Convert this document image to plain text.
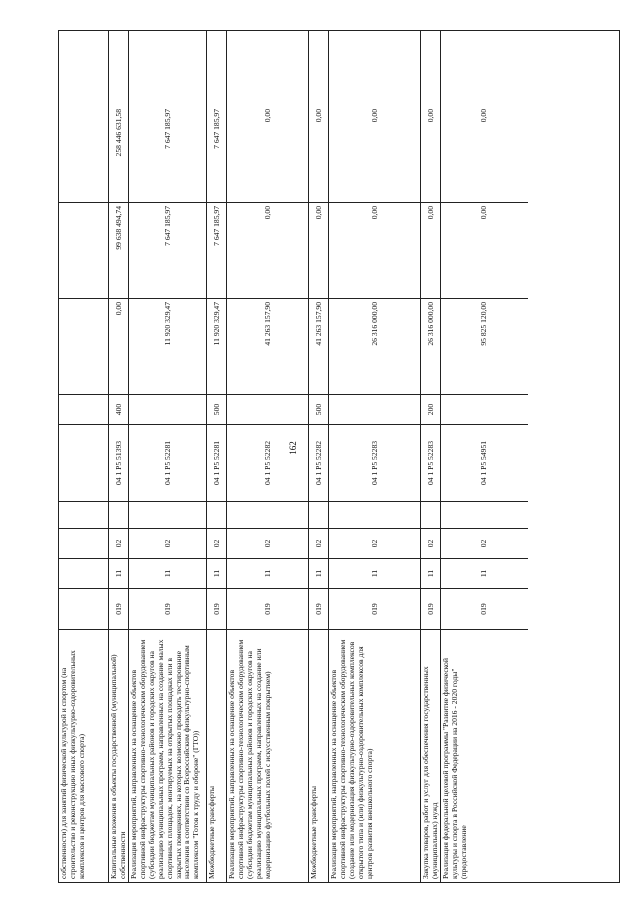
162
собственности) для занятий физической культурой и спортом (на строительство и реконструкцию иных физкультурно-оздоровительных комплексов и центров для массового спорта)	Капитальные вложения в объекты государственной (муниципальной) собственности
019
11
02
04 1 Р5 51393
400
0,00
99 638 494,74
258 446 631,58
Реализация мероприятий, направленных на оснащение объектов спортивной инфраструктуры спортивно-технологическим оборудованием (субсидии бюджетам муниципальных районов и городских округов на реализацию муниципальных программ, направленных на создание малых спортивных площадок, монтируемых на открытых площадках или в закрытых помещениях, на которых возможно проводить тестирование населения в соответствии со Всероссийским физкультурно-спортивным комплексом "Готов к труду и обороне" (ГТО))
019
11
02
04 1 Р5 52281
11 920 329,47
7 647 185,97
7 647 185,97
Межбюджетные трансферты
019
11
02
04 1 Р5 52281
500
11 920 329,47
7 647 185,97
7 647 185,97
Реализация мероприятий, направленных на оснащение объектов спортивной инфраструктуры спортивно-технологическим оборудованием (субсидии бюджетам муниципальных районов и городских округов на реализацию муниципальных программ, направленных на создание или модернизацию футбольных полей с искусственным покрытием)
019
11
02
04 1 Р5 52282
41 263 157,90
0,00
0,00
Межбюджетные трансферты
019
11
02
04 1 Р5 52282
500
41 263 157,90
0,00
0,00
Реализация мероприятий, направленных на оснащение объектов спортивной инфраструктуры спортивно-технологическим оборудованием (создание или модернизация физкультурно-оздоровительных комплексов открытого типа и (или) физкультурно-оздоровительных комплексов для центров развития внешкольного спорта)
019
11
02
04 1 Р5 52283
26 316 000,00
0,00
0,00
Закупка товаров, работ и услуг для обеспечения государственных (муниципальных) нужд
019
11
02
04 1 Р5 52283
200
26 316 000,00
0,00
0,00
Реализация федеральной целевой программы "Развитие физической культуры и спорта в Российской Федерации на 2016 - 2020 годы" (предоставление
019
11
02
04 1 Р5 54951
95 825 120,00
0,00
0,00
